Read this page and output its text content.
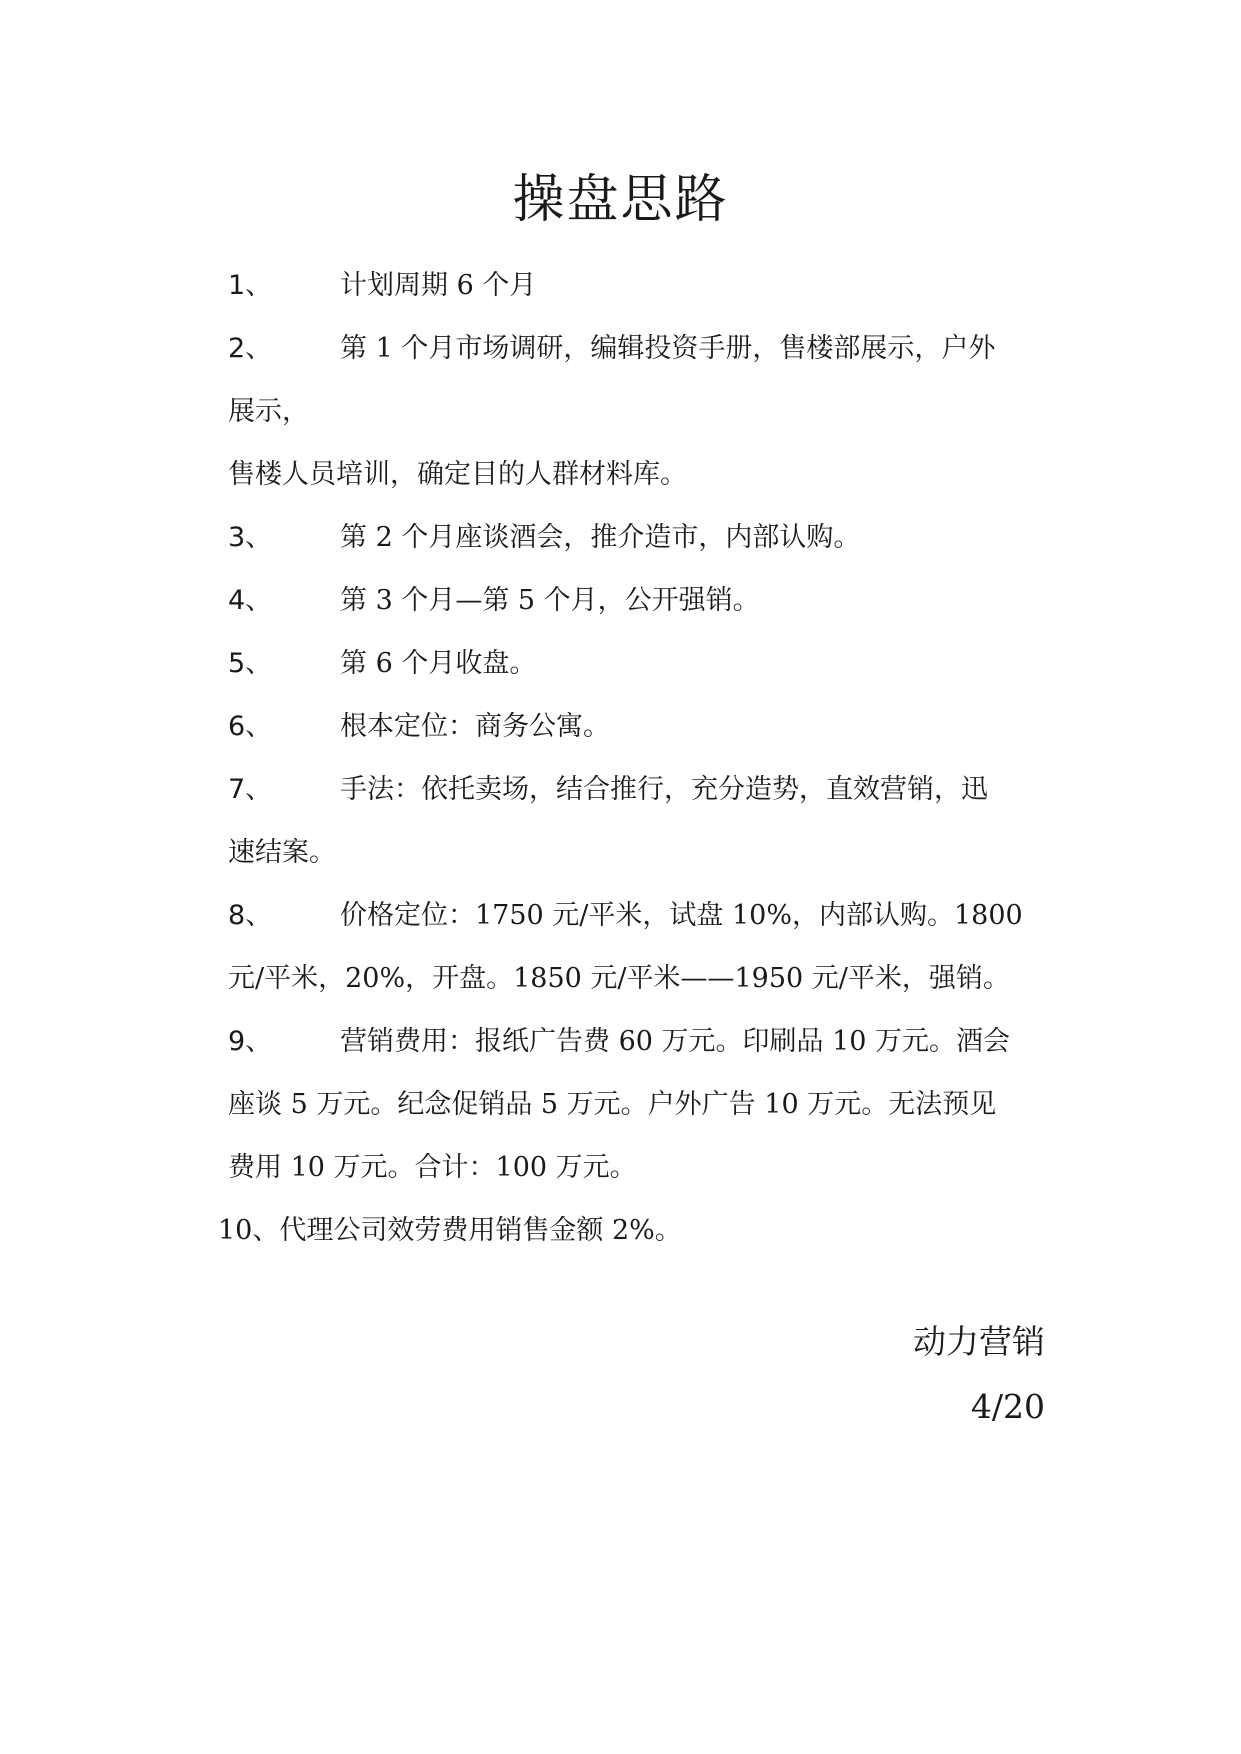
操盘思路
1、	计划周期 6 个月
2、	第 1 个月市场调研，编辑投资手册，售楼部展示，户外
展示，
售楼人员培训，确定目的人群材料库。
3、	第 2 个月座谈酒会，推介造市，内部认购。
4、	第 3 个月—第 5 个月，公开强销。
5、	第 6 个月收盘。
6、	根本定位：商务公寓。
7、	手法：依托卖场，结合推行，充分造势，直效营销，迅
速结案。
8、	价格定位：1750 元/平米，试盘 10%，内部认购。1800
元/平米，20%，开盘。1850 元/平米——1950 元/平米，强销。
9、	营销费用：报纸广告费 60 万元。印刷品 10 万元。酒会
座谈 5 万元。纪念促销品 5 万元。户外广告 10 万元。无法预见
费用 10 万元。合计：100 万元。
10、代理公司效劳费用销售金额 2%。
动力营销
4/20
